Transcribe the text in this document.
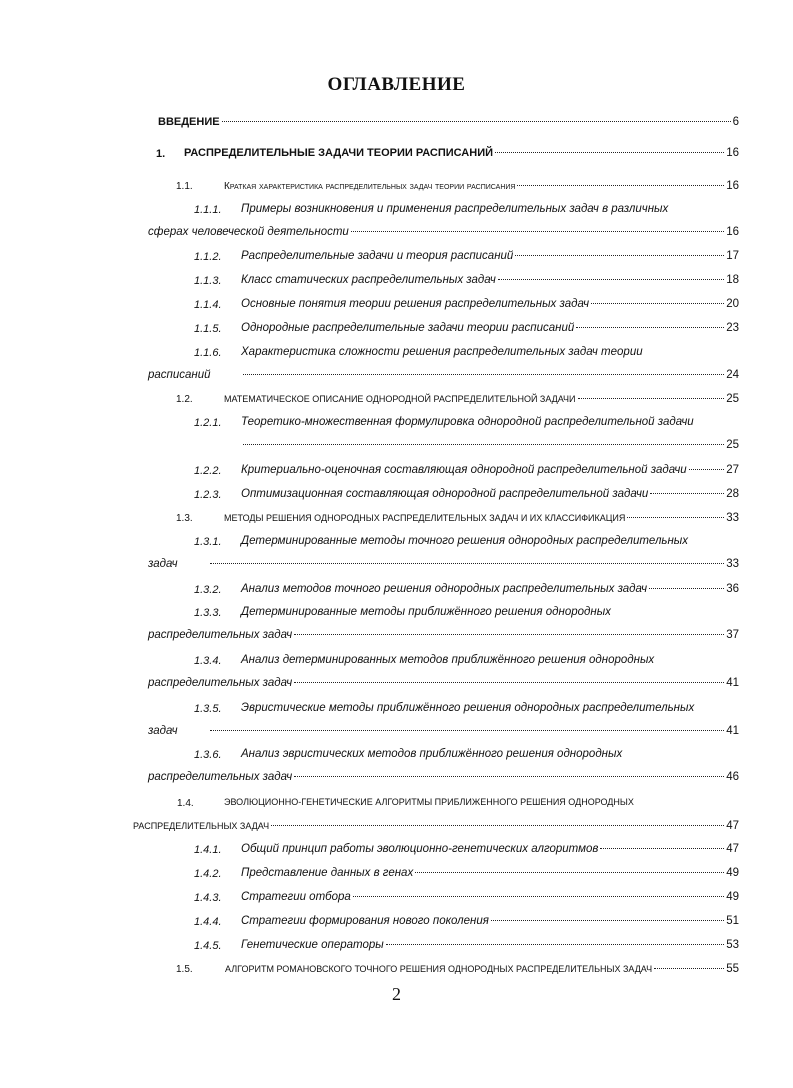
ОГЛАВЛЕНИЕ
ВВЕДЕНИЕ	6
1. РАСПРЕДЕЛИТЕЛЬНЫЕ ЗАДАЧИ ТЕОРИИ РАСПИСАНИЙ	16
1.1.	Краткая характеристика распределительных задач теории расписания	16
1.1.1. Примеры возникновения и применения распределительных задач в различных
сферах человеческой деятельности	16
1.1.2. Распределительные задачи и теория расписаний	17
1.1.3. Класс статических распределительных задач	18
1.1.4. Основные понятия теории решения распределительных задач	20
1.1.5. Однородные распределительные задачи теории расписаний	23
1.1.6. Характеристика сложности решения распределительных задач теории
расписаний	24
1.2.	МАТЕМАТИЧЕСКОЕ ОПИСАНИЕ ОДНОРОДНОЙ РАСПРЕДЕЛИТЕЛЬНОЙ ЗАДАЧИ	25
1.2.1. Теоретико-множественная формулировка однородной распределительной задачи
25
1.2.2. Критериально-оценочная составляющая однородной распределительной задачи	27
1.2.3. Оптимизационная составляющая однородной распределительной задачи	28
1.3.	МЕТОДЫ РЕШЕНИЯ ОДНОРОДНЫХ РАСПРЕДЕЛИТЕЛЬНЫХ ЗАДАЧ И ИХ КЛАССИФИКАЦИЯ	33
1.3.1. Детерминированные методы точного решения однородных распределительных
задач	33
1.3.2. Анализ методов точного решения однородных распределительных задач	36
1.3.3. Детерминированные методы приближённого решения однородных
распределительных задач	37
1.3.4. Анализ детерминированных методов приближённого решения однородных
распределительных задач	41
1.3.5. Эвристические методы приближённого решения однородных распределительных
задач	41
1.3.6. Анализ эвристических методов приближённого решения однородных
распределительных задач	46
1.4.	ЭВОЛЮЦИОННО-ГЕНЕТИЧЕСКИЕ АЛГОРИТМЫ ПРИБЛИЖЕННОГО РЕШЕНИЯ ОДНОРОДНЫХ
РАСПРЕДЕЛИТЕЛЬНЫХ ЗАДАЧ	47
1.4.1. Общий принцип работы эволюционно-генетических алгоритмов	47
1.4.2. Представление данных в генах	49
1.4.3. Стратегии отбора	49
1.4.4. Стратегии формирования нового поколения	51
1.4.5. Генетические операторы	53
1.5.	АЛГОРИТМ РОМАНОВСКОГО ТОЧНОГО РЕШЕНИЯ ОДНОРОДНЫХ РАСПРЕДЕЛИТЕЛЬНЫХ ЗАДАЧ	55
2
